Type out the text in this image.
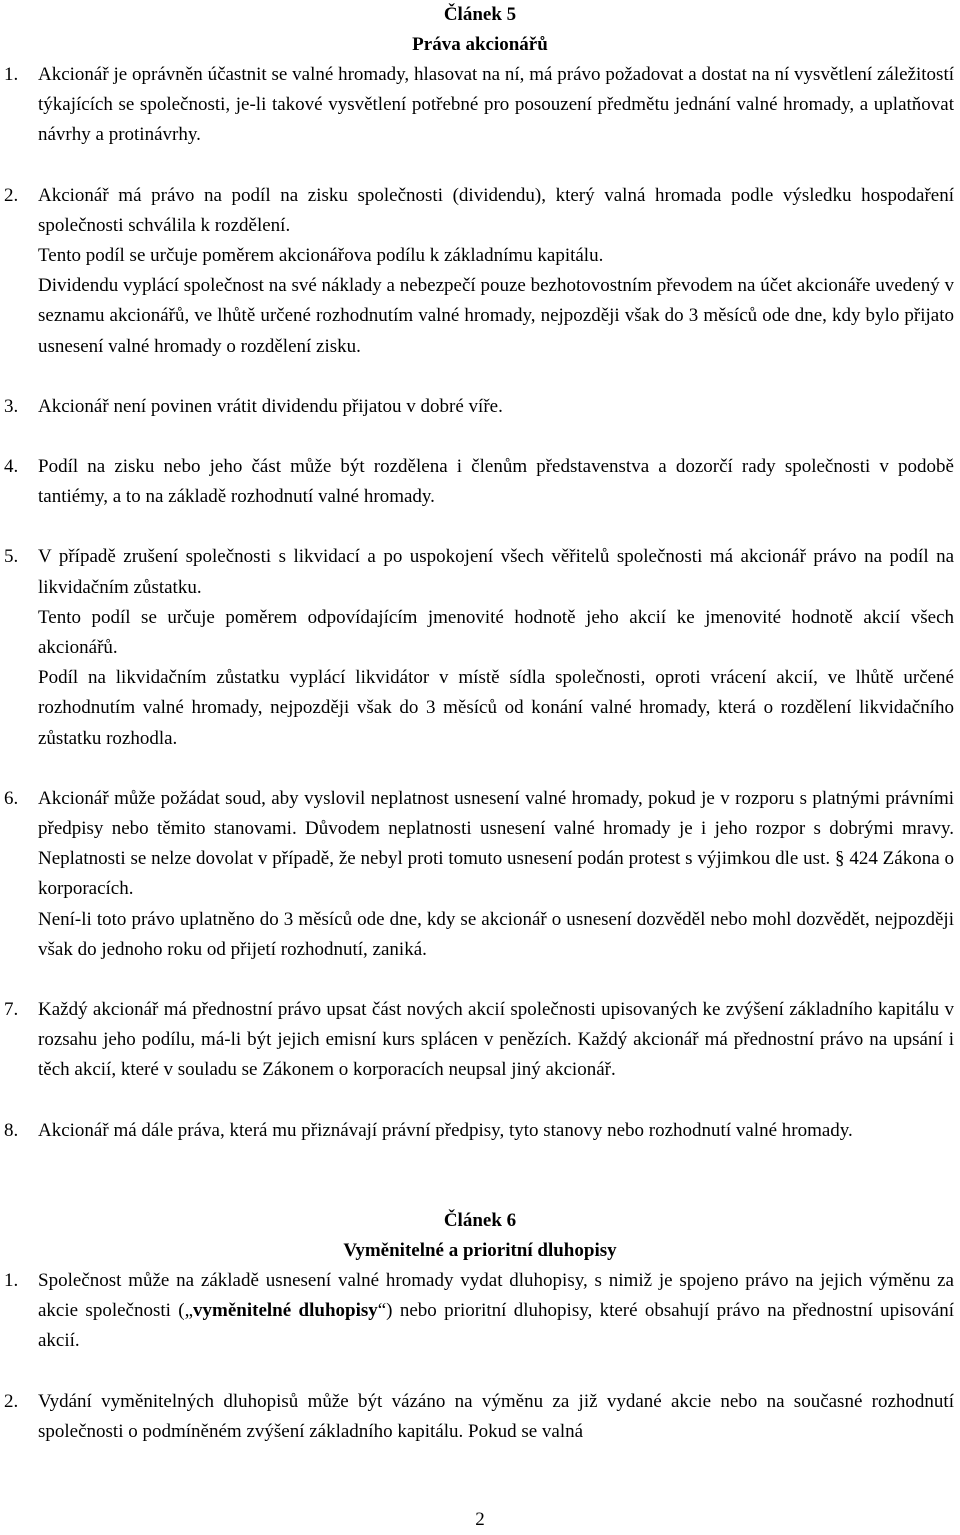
Článek 5
Práva akcionářů
1.	Akcionář je oprávněn účastnit se valné hromady, hlasovat na ní, má právo požadovat a dostat na ní vysvětlení záležitostí týkajících se společnosti, je-li takové vysvětlení potřebné pro posouzení předmětu jednání valné hromady, a uplatňovat návrhy a protinávrhy.

2.	Akcionář má právo na podíl na zisku společnosti (dividendu), který valná hromada podle výsledku hospodaření společnosti schválila k rozdělení.

Tento podíl se určuje poměrem akcionářova podílu k základnímu kapitálu.

Dividendu vyplácí společnost na své náklady a nebezpečí pouze bezhotovostním převodem na účet akcionáře uvedený v seznamu akcionářů, ve lhůtě určené rozhodnutím valné hromady, nejpozději však do 3 měsíců ode dne, kdy bylo přijato usnesení valné hromady o rozdělení zisku.

3.	Akcionář není povinen vrátit dividendu přijatou v dobré víře.

4.	Podíl na zisku nebo jeho část může být rozdělena i členům představenstva a dozorčí rady společnosti v podobě tantiémy, a to na základě rozhodnutí valné hromady.

5.	V případě zrušení společnosti s likvidací a po uspokojení všech věřitelů společnosti má akcionář právo na podíl na likvidačním zůstatku.

Tento podíl se určuje poměrem odpovídajícím jmenovité hodnotě jeho akcií ke jmenovité hodnotě akcií všech akcionářů.

Podíl na likvidačním zůstatku vyplácí likvidátor v místě sídla společnosti, oproti vrácení akcií, ve lhůtě určené rozhodnutím valné hromady, nejpozději však do 3 měsíců od konání valné hromady, která o rozdělení likvidačního zůstatku rozhodla.

6.	Akcionář může požádat soud, aby vyslovil neplatnost usnesení valné hromady, pokud je v rozporu s platnými právními předpisy nebo těmito stanovami. Důvodem neplatnosti usnesení valné hromady je i jeho rozpor s dobrými mravy. Neplatnosti se nelze dovolat v případě, že nebyl proti tomuto usnesení podán protest s výjimkou dle ust. § 424 Zákona o korporacích.

Není-li toto právo uplatněno do 3 měsíců ode dne, kdy se akcionář o usnesení dozvěděl nebo mohl dozvědět, nejpozději však do jednoho roku od přijetí rozhodnutí, zaniká.

7.	Každý akcionář má přednostní právo upsat část nových akcií společnosti upisovaných ke zvýšení základního kapitálu v rozsahu jeho podílu, má-li být jejich emisní kurs splácen v penězích. Každý akcionář má přednostní právo na upsání i těch akcií, které v souladu se Zákonem o korporacích neupsal jiný akcionář.

8.	Akcionář má dále práva, která mu přiznávají právní předpisy, tyto stanovy nebo rozhodnutí valné hromady.

Článek 6
Vyměnitelné a prioritní dluhopisy
1.	Společnost může na základě usnesení valné hromady vydat dluhopisy, s nimiž je spojeno právo na jejich výměnu za akcie společnosti („vyměnitelné dluhopisy“) nebo prioritní dluhopisy, které obsahují právo na přednostní upisování akcií.

2.	Vydání vyměnitelných dluhopisů může být vázáno na výměnu za již vydané akcie nebo na současné rozhodnutí společnosti o podmíněném zvýšení základního kapitálu. Pokud se valná

2
